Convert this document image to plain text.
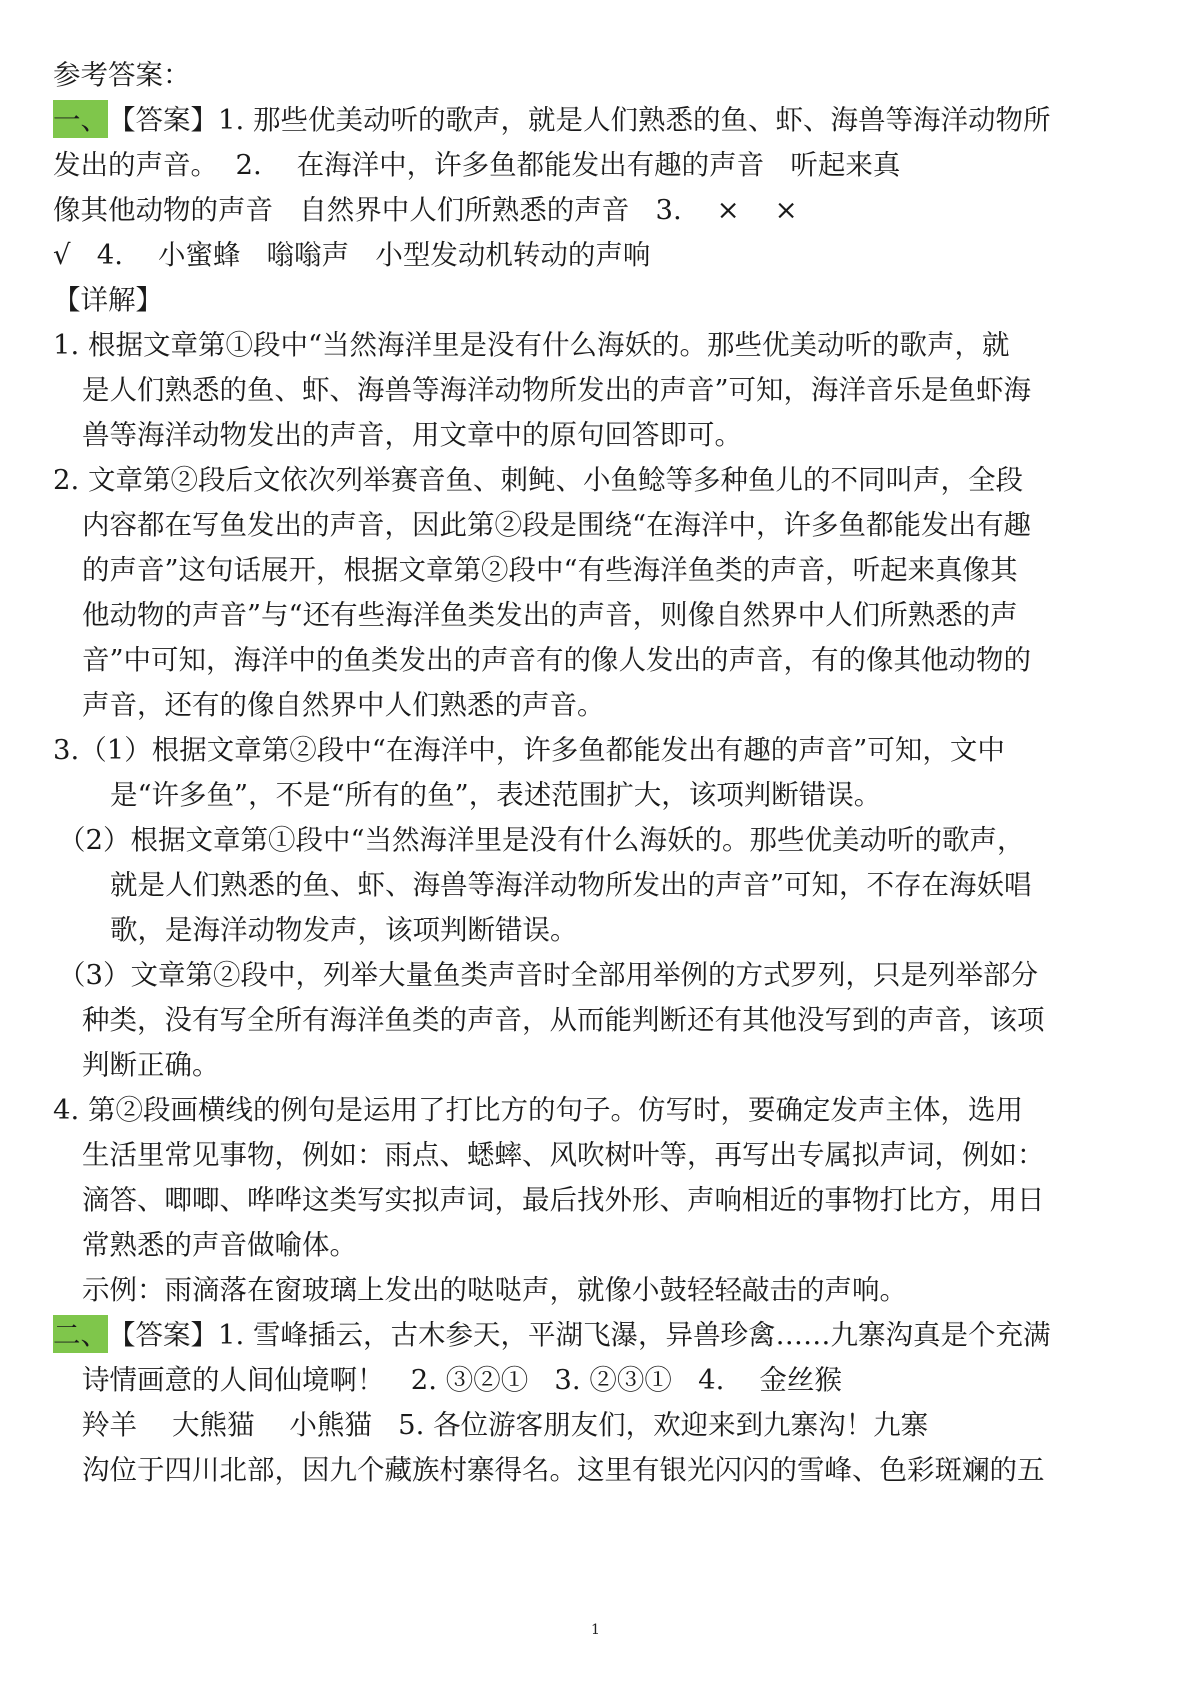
参考答案：
一、【答案】1. 那些优美动听的歌声，就是人们熟悉的鱼、虾、海兽等海洋动物所
发出的声音。  2.    在海洋中，许多鱼都能发出有趣的声音   听起来真
像其他动物的声音   自然界中人们所熟悉的声音   3.    ×    ×
√   4.    小蜜蜂   嗡嗡声   小型发动机转动的声响
【详解】
1. 根据文章第①段中“当然海洋里是没有什么海妖的。那些优美动听的歌声，就
是人们熟悉的鱼、虾、海兽等海洋动物所发出的声音”可知，海洋音乐是鱼虾海
兽等海洋动物发出的声音，用文章中的原句回答即可。
2. 文章第②段后文依次列举赛音鱼、刺鲀、小鱼鲶等多种鱼儿的不同叫声，全段
内容都在写鱼发出的声音，因此第②段是围绕“在海洋中，许多鱼都能发出有趣
的声音”这句话展开，根据文章第②段中“有些海洋鱼类的声音，听起来真像其
他动物的声音”与“还有些海洋鱼类发出的声音，则像自然界中人们所熟悉的声
音”中可知，海洋中的鱼类发出的声音有的像人发出的声音，有的像其他动物的
声音，还有的像自然界中人们熟悉的声音。
3.（1）根据文章第②段中“在海洋中，许多鱼都能发出有趣的声音”可知，文中
是“许多鱼”，不是“所有的鱼”，表述范围扩大，该项判断错误。
（2）根据文章第①段中“当然海洋里是没有什么海妖的。那些优美动听的歌声，
就是人们熟悉的鱼、虾、海兽等海洋动物所发出的声音”可知，不存在海妖唱
歌，是海洋动物发声，该项判断错误。
（3）文章第②段中，列举大量鱼类声音时全部用举例的方式罗列，只是列举部分
种类，没有写全所有海洋鱼类的声音，从而能判断还有其他没写到的声音，该项
判断正确。
4. 第②段画横线的例句是运用了打比方的句子。仿写时，要确定发声主体，选用
生活里常见事物，例如：雨点、蟋蟀、风吹树叶等，再写出专属拟声词，例如：
滴答、唧唧、哗哗这类写实拟声词，最后找外形、声响相近的事物打比方，用日
常熟悉的声音做喻体。
示例：雨滴落在窗玻璃上发出的哒哒声，就像小鼓轻轻敲击的声响。
二、【答案】1. 雪峰插云，古木参天，平湖飞瀑，异兽珍禽……九寨沟真是个充满
诗情画意的人间仙境啊！   2. ③②①   3. ②③①   4.    金丝猴
羚羊    大熊猫    小熊猫   5. 各位游客朋友们，欢迎来到九寨沟！九寨
沟位于四川北部，因九个藏族村寨得名。这里有银光闪闪的雪峰、色彩斑斓的五
1
